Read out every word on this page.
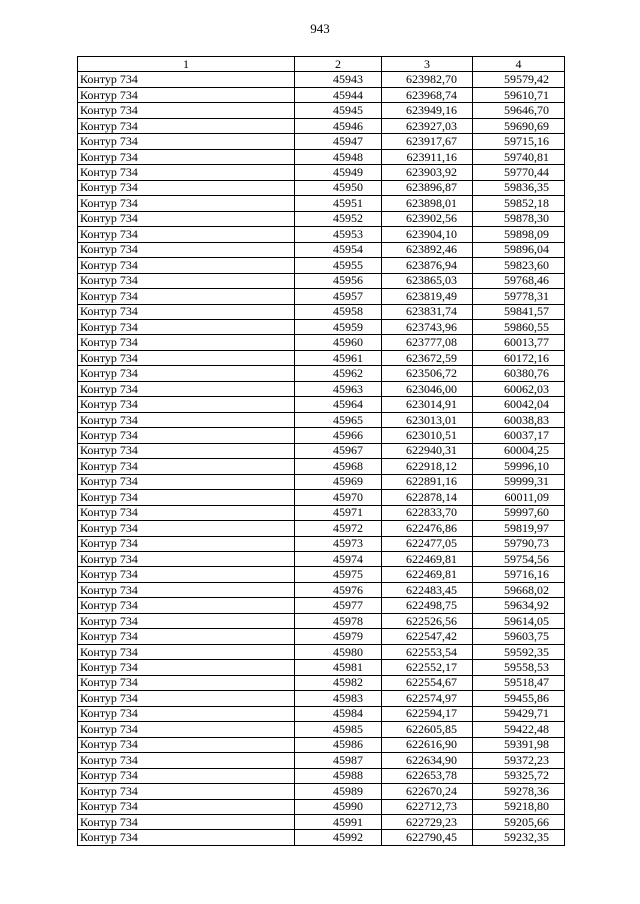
943
1	2	3	4
Контур 734	45943	623982,70	59579,42
Контур 734	45944	623968,74	59610,71
Контур 734	45945	623949,16	59646,70
Контур 734	45946	623927,03	59690,69
Контур 734	45947	623917,67	59715,16
Контур 734	45948	623911,16	59740,81
Контур 734	45949	623903,92	59770,44
Контур 734	45950	623896,87	59836,35
Контур 734	45951	623898,01	59852,18
Контур 734	45952	623902,56	59878,30
Контур 734	45953	623904,10	59898,09
Контур 734	45954	623892,46	59896,04
Контур 734	45955	623876,94	59823,60
Контур 734	45956	623865,03	59768,46
Контур 734	45957	623819,49	59778,31
Контур 734	45958	623831,74	59841,57
Контур 734	45959	623743,96	59860,55
Контур 734	45960	623777,08	60013,77
Контур 734	45961	623672,59	60172,16
Контур 734	45962	623506,72	60380,76
Контур 734	45963	623046,00	60062,03
Контур 734	45964	623014,91	60042,04
Контур 734	45965	623013,01	60038,83
Контур 734	45966	623010,51	60037,17
Контур 734	45967	622940,31	60004,25
Контур 734	45968	622918,12	59996,10
Контур 734	45969	622891,16	59999,31
Контур 734	45970	622878,14	60011,09
Контур 734	45971	622833,70	59997,60
Контур 734	45972	622476,86	59819,97
Контур 734	45973	622477,05	59790,73
Контур 734	45974	622469,81	59754,56
Контур 734	45975	622469,81	59716,16
Контур 734	45976	622483,45	59668,02
Контур 734	45977	622498,75	59634,92
Контур 734	45978	622526,56	59614,05
Контур 734	45979	622547,42	59603,75
Контур 734	45980	622553,54	59592,35
Контур 734	45981	622552,17	59558,53
Контур 734	45982	622554,67	59518,47
Контур 734	45983	622574,97	59455,86
Контур 734	45984	622594,17	59429,71
Контур 734	45985	622605,85	59422,48
Контур 734	45986	622616,90	59391,98
Контур 734	45987	622634,90	59372,23
Контур 734	45988	622653,78	59325,72
Контур 734	45989	622670,24	59278,36
Контур 734	45990	622712,73	59218,80
Контур 734	45991	622729,23	59205,66
Контур 734	45992	622790,45	59232,35
